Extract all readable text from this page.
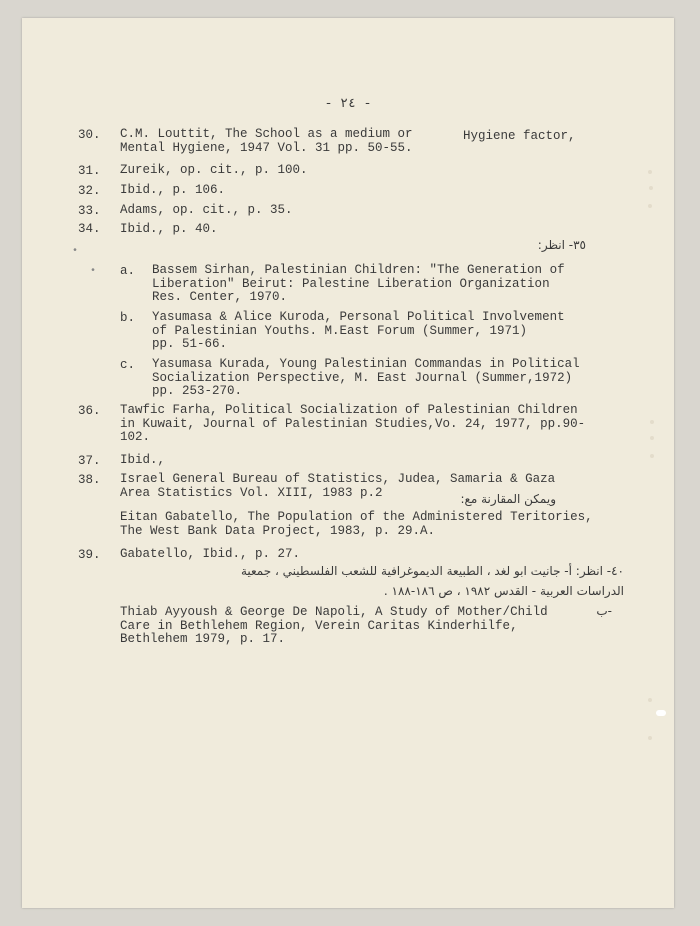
- ٢٤ -
30. C.M. Louttit, The School as a medium or
Mental Hygiene, 1947 Vol. 31 pp. 50-55.
Hygiene factor,
31. Zureik, op. cit., p. 100.
32. Ibid., p. 106.
33. Adams, op. cit., p. 35.
34. Ibid., p. 40.
٣٥- انظر:
•
• a. Bassem Sirhan, Palestinian Children: "The Generation of
Liberation" Beirut: Palestine Liberation Organization
Res. Center, 1970.
b. Yasumasa & Alice Kuroda, Personal Political Involvement
of Palestinian Youths. M.East Forum (Summer, 1971)
pp. 51-66.
c. Yasumasa Kurada, Young Palestinian Commandas in Political
Socialization Perspective, M. East Journal (Summer,1972)
pp. 253-270.
36. Tawfic Farha, Political Socialization of Palestinian Children
in Kuwait, Journal of Palestinian Studies,Vo. 24, 1977, pp.90-
102.
37. Ibid.,
38. Israel General Bureau of Statistics, Judea, Samaria & Gaza
Area Statistics Vol. XIII, 1983 p.2	ويمكن المقارنة مع:
Eitan Gabatello, The Population of the Administered Teritories,
The West Bank Data Project, 1983, p. 29.A.
39. Gabatello, Ibid., p. 27.
٤٠- انظر: أ- جانيت ابو لغد ، الطبيعة الديموغرافية للشعب الفلسطيني ، جمعية
الدراسات العربية - القدس ١٩٨٢ ، ص ١٨٦-١٨٨ .
Thiab Ayyoush & George De Napoli, A Study of Mother/Child
Care in Bethlehem Region, Verein Caritas Kinderhilfe,
Bethlehem 1979, p. 17.
-ب
